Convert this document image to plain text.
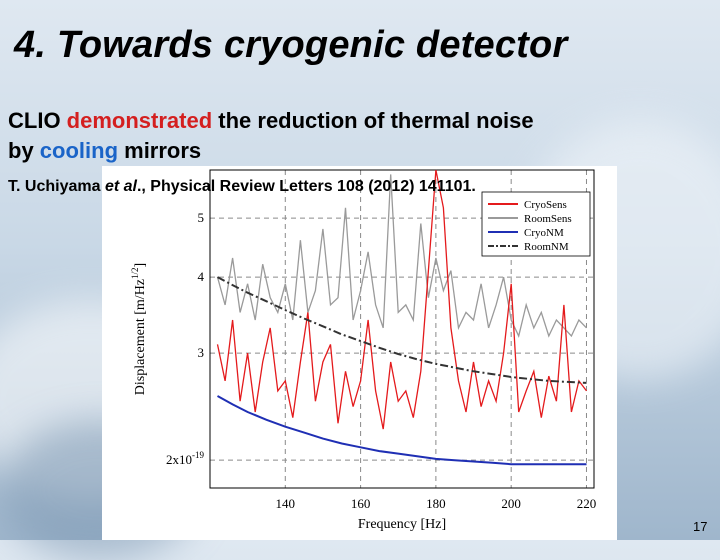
4. Towards cryogenic detector
CLIO demonstrated the reduction of thermal noise
by cooling mirrors
140	160	180	200	220
$2x10^{-19}$
3
4
5
Frequency [Hz]
Displacement $[m/Hz^{1/2}]$
CryoSens
RoomSens
CryoNM
RoomNM
T. Uchiyama et al., Physical Review Letters 108 (2012) 141101.
17
